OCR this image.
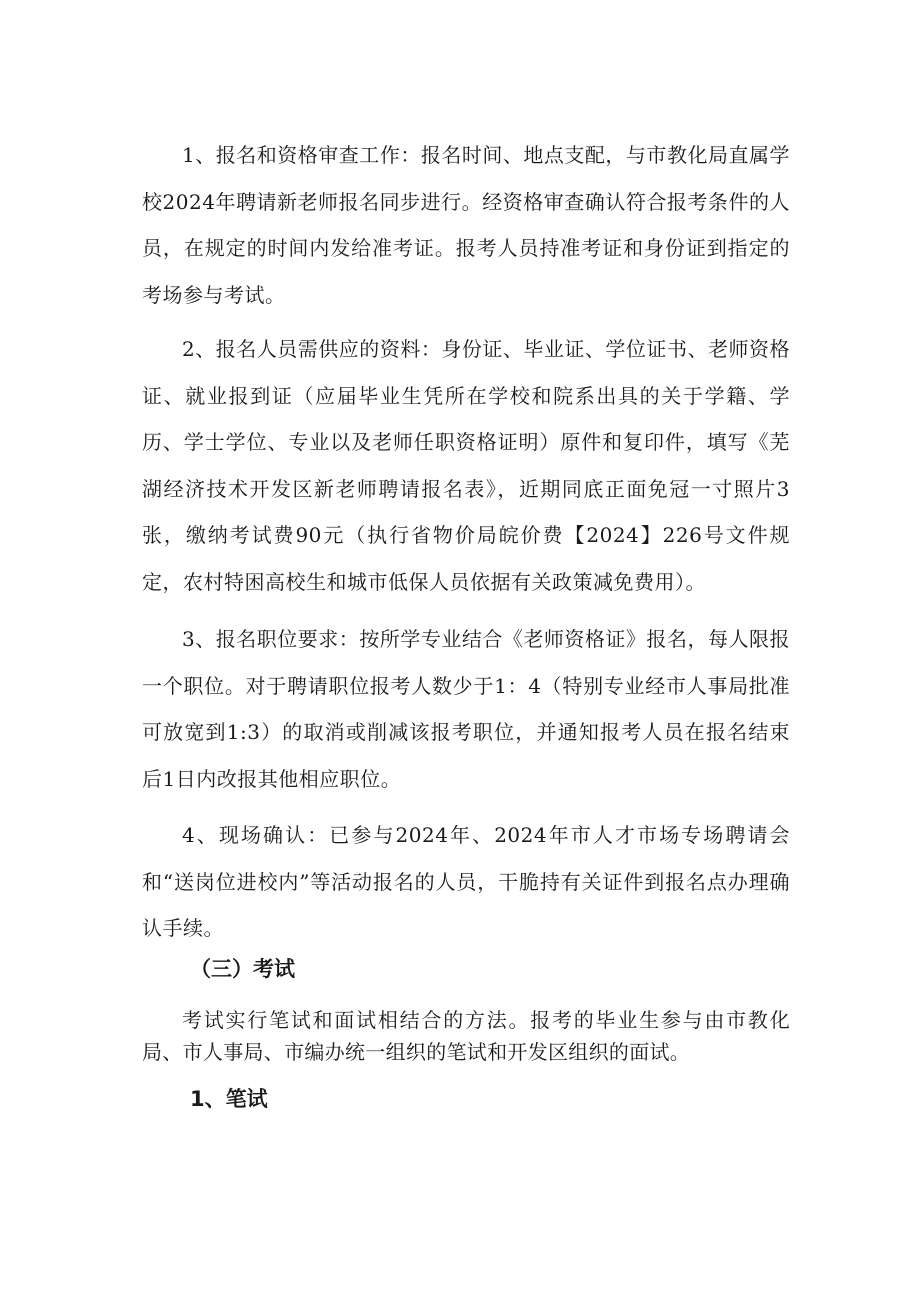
1、报名和资格审查工作：报名时间、地点支配，与市教化局直属学校2024年聘请新老师报名同步进行。经资格审查确认符合报考条件的人员，在规定的时间内发给准考证。报考人员持准考证和身份证到指定的考场参与考试。

2、报名人员需供应的资料：身份证、毕业证、学位证书、老师资格证、就业报到证（应届毕业生凭所在学校和院系出具的关于学籍、学历、学士学位、专业以及老师任职资格证明）原件和复印件，填写《芜湖经济技术开发区新老师聘请报名表》，近期同底正面免冠一寸照片3张，缴纳考试费90元（执行省物价局皖价费【2024】226号文件规定，农村特困高校生和城市低保人员依据有关政策减免费用）。

3、报名职位要求：按所学专业结合《老师资格证》报名，每人限报一个职位。对于聘请职位报考人数少于1：4（特别专业经市人事局批准可放宽到1:3）的取消或削减该报考职位，并通知报考人员在报名结束后1日内改报其他相应职位。

4、现场确认：已参与2024年、2024年市人才市场专场聘请会和“送岗位进校内”等活动报名的人员，干脆持有关证件到报名点办理确认手续。

（三）考试

考试实行笔试和面试相结合的方法。报考的毕业生参与由市教化局、市人事局、市编办统一组织的笔试和开发区组织的面试。

1、笔试
